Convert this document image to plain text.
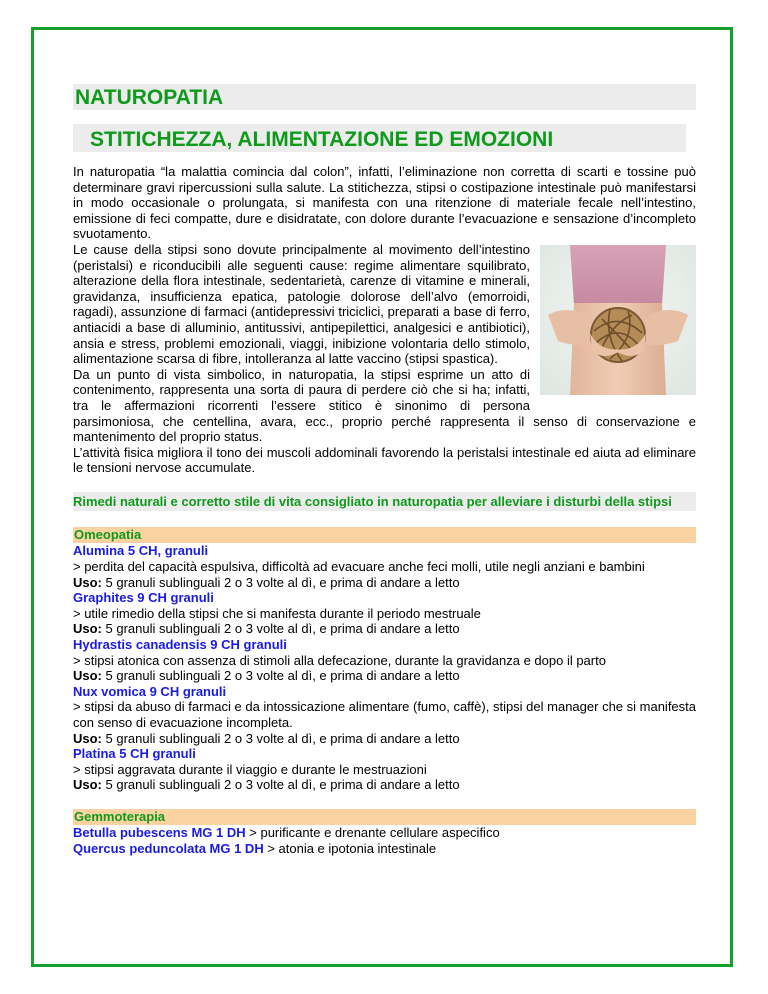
NATUROPATIA
STITICHEZZA, ALIMENTAZIONE ED EMOZIONI

In naturopatia “la malattia comincia dal colon”, infatti, l’eliminazione non corretta di scarti e tossine può determinare gravi ripercussioni sulla salute. La stitichezza, stipsi o costipazione intestinale può manifestarsi in modo occasionale o prolungata, si manifesta con una ritenzione di materiale fecale nell’intestino, emissione di feci compatte, dure e disidratate, con dolore durante l’evacuazione e sensazione d’incompleto svuotamento.

Le cause della stipsi sono dovute principalmente al movimento dell’intestino (peristalsi) e riconducibili alle seguenti cause: regime alimentare squilibrato, alterazione della flora intestinale, sedentarietà, carenze di vitamine e minerali, gravidanza, insufficienza epatica, patologie dolorose dell’alvo (emorroidi, ragadi), assunzione di farmaci (antidepressivi triciclici, preparati a base di ferro, antiacidi a base di alluminio, antitussivi, antipepilettici, analgesici e antibiotici), ansia e stress, problemi emozionali, viaggi, inibizione volontaria dello stimolo, alimentazione scarsa di fibre, intolleranza al latte vaccino (stipsi spastica).

Da un punto di vista simbolico, in naturopatia, la stipsi esprime un atto di contenimento, rappresenta una sorta di paura di perdere ciò che si ha; infatti, tra le affermazioni ricorrenti l’essere stitico è sinonimo di persona parsimoniosa, che centellina, avara, ecc., proprio perché rappresenta il senso di conservazione e mantenimento del proprio status.

L’attività fisica migliora il tono dei muscoli addominali favorendo la peristalsi intestinale ed aiuta ad eliminare le tensioni nervose accumulate.

Rimedi naturali e corretto stile di vita consigliato in naturopatia per alleviare i disturbi della stipsi
Omeopatia
Alumina 5 CH, granuli
> perdita del capacità espulsiva, difficoltà ad evacuare anche feci molli, utile negli anziani e bambini
Uso: 5 granuli sublinguali 2 o 3 volte al dì, e prima di andare a letto
Graphites 9 CH granuli
> utile rimedio della stipsi che si manifesta durante il periodo mestruale
Uso: 5 granuli sublinguali 2 o 3 volte al dì, e prima di andare a letto
Hydrastis canadensis 9 CH granuli
> stipsi atonica con assenza di stimoli alla defecazione, durante la gravidanza e dopo il parto
Uso: 5 granuli sublinguali 2 o 3 volte al dì, e prima di andare a letto
Nux vomica 9 CH granuli
> stipsi da abuso di farmaci e da intossicazione alimentare (fumo, caffè), stipsi del manager che si manifesta con senso di evacuazione incompleta.
Uso: 5 granuli sublinguali 2 o 3 volte al dì, e prima di andare a letto
Platina 5 CH granuli
> stipsi aggravata durante il viaggio e durante le mestruazioni
Uso: 5 granuli sublinguali 2 o 3 volte al dì, e prima di andare a letto
Gemmoterapia
Betulla pubescens MG 1 DH > purificante e drenante cellulare aspecifico
Quercus peduncolata MG 1 DH > atonia e ipotonia intestinale
